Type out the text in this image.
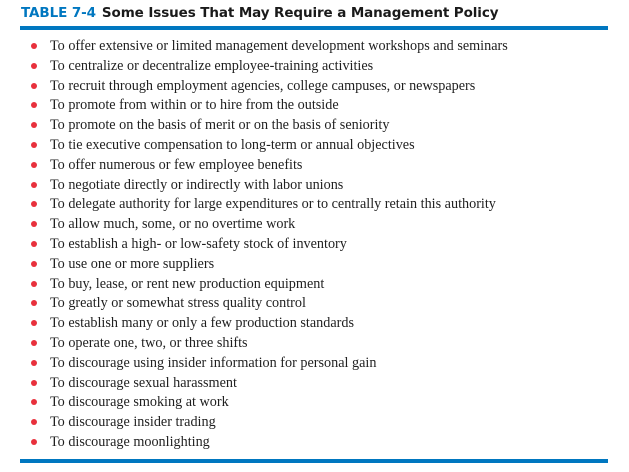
TABLE 7-4 Some Issues That May Require a Management Policy
To offer extensive or limited management development workshops and seminars
To centralize or decentralize employee-training activities
To recruit through employment agencies, college campuses, or newspapers
To promote from within or to hire from the outside
To promote on the basis of merit or on the basis of seniority
To tie executive compensation to long-term or annual objectives
To offer numerous or few employee benefits
To negotiate directly or indirectly with labor unions
To delegate authority for large expenditures or to centrally retain this authority
To allow much, some, or no overtime work
To establish a high- or low-safety stock of inventory
To use one or more suppliers
To buy, lease, or rent new production equipment
To greatly or somewhat stress quality control
To establish many or only a few production standards
To operate one, two, or three shifts
To discourage using insider information for personal gain
To discourage sexual harassment
To discourage smoking at work
To discourage insider trading
To discourage moonlighting
